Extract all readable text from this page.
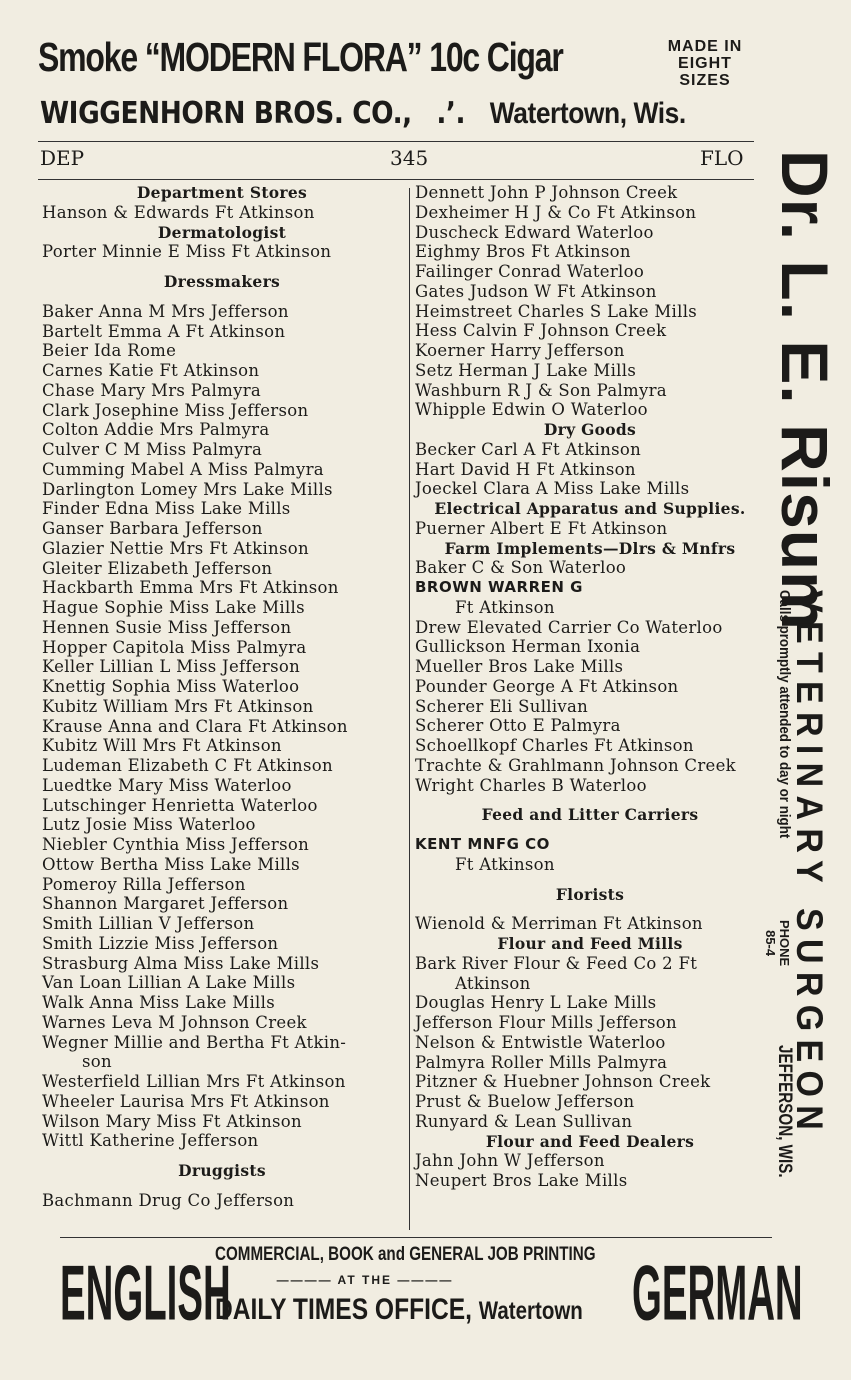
Smoke “MODERN FLORA” 10c Cigar	MADE IN
EIGHT
SIZES
WIGGENHORN BROS. CO., .’. Watertown, Wis.
DEP	345	FLO
Department Stores
Hanson & Edwards Ft Atkinson
Dermatologist
Porter Minnie E Miss Ft Atkinson
Dressmakers
Baker Anna M Mrs Jefferson
Bartelt Emma A Ft Atkinson
Beier Ida Rome
Carnes Katie Ft Atkinson
Chase Mary Mrs Palmyra
Clark Josephine Miss Jefferson
Colton Addie Mrs Palmyra
Culver C M Miss Palmyra
Cumming Mabel A Miss Palmyra
Darlington Lomey Mrs Lake Mills
Finder Edna Miss Lake Mills
Ganser Barbara Jefferson
Glazier Nettie Mrs Ft Atkinson
Gleiter Elizabeth Jefferson
Hackbarth Emma Mrs Ft Atkinson
Hague Sophie Miss Lake Mills
Hennen Susie Miss Jefferson
Hopper Capitola Miss Palmyra
Keller Lillian L Miss Jefferson
Knettig Sophia Miss Waterloo
Kubitz William Mrs Ft Atkinson
Krause Anna and Clara Ft Atkinson
Kubitz Will Mrs Ft Atkinson
Ludeman Elizabeth C Ft Atkinson
Luedtke Mary Miss Waterloo
Lutschinger Henrietta Waterloo
Lutz Josie Miss Waterloo
Niebler Cynthia Miss Jefferson
Ottow Bertha Miss Lake Mills
Pomeroy Rilla Jefferson
Shannon Margaret Jefferson
Smith Lillian V Jefferson
Smith Lizzie Miss Jefferson
Strasburg Alma Miss Lake Mills
Van Loan Lillian A Lake Mills
Walk Anna Miss Lake Mills
Warnes Leva M Johnson Creek
Wegner Millie and Bertha Ft Atkin-
son
Westerfield Lillian Mrs Ft Atkinson
Wheeler Laurisa Mrs Ft Atkinson
Wilson Mary Miss Ft Atkinson
Wittl Katherine Jefferson
Druggists
Bachmann Drug Co Jefferson
Dennett John P Johnson Creek
Dexheimer H J & Co Ft Atkinson
Duscheck Edward Waterloo
Eighmy Bros Ft Atkinson
Failinger Conrad Waterloo
Gates Judson W Ft Atkinson
Heimstreet Charles S Lake Mills
Hess Calvin F Johnson Creek
Koerner Harry Jefferson
Setz Herman J Lake Mills
Washburn R J & Son Palmyra
Whipple Edwin O Waterloo
Dry Goods
Becker Carl A Ft Atkinson
Hart David H Ft Atkinson
Joeckel Clara A Miss Lake Mills
Electrical Apparatus and Supplies.
Puerner Albert E Ft Atkinson
Farm Implements—Dlrs & Mnfrs
Baker C & Son Waterloo
BROWN WARREN G
Ft Atkinson
Drew Elevated Carrier Co Waterloo
Gullickson Herman Ixonia
Mueller Bros Lake Mills
Pounder George A Ft Atkinson
Scherer Eli Sullivan
Scherer Otto E Palmyra
Schoellkopf Charles Ft Atkinson
Trachte & Grahlmann Johnson Creek
Wright Charles B Waterloo
Feed and Litter Carriers
KENT MNFG CO
Ft Atkinson
Florists
Wienold & Merriman Ft Atkinson
Flour and Feed Mills
Bark River Flour & Feed Co 2 Ft
Atkinson
Douglas Henry L Lake Mills
Jefferson Flour Mills Jefferson
Nelson & Entwistle Waterloo
Palmyra Roller Mills Palmyra
Pitzner & Huebner Johnson Creek
Prust & Buelow Jefferson
Runyard & Lean Sullivan
Flour and Feed Dealers
Jahn John W Jefferson
Neupert Bros Lake Mills
Dr. L. E. Risum
VETERINARY SURGEON
Calls promptly attended to day or night
PHONE
85-4
JEFFERSON, WIS.
ENGLISH
COMMERCIAL, BOOK and GENERAL JOB PRINTING
———— AT THE ————
DAILY TIMES OFFICE, Watertown GERMAN
